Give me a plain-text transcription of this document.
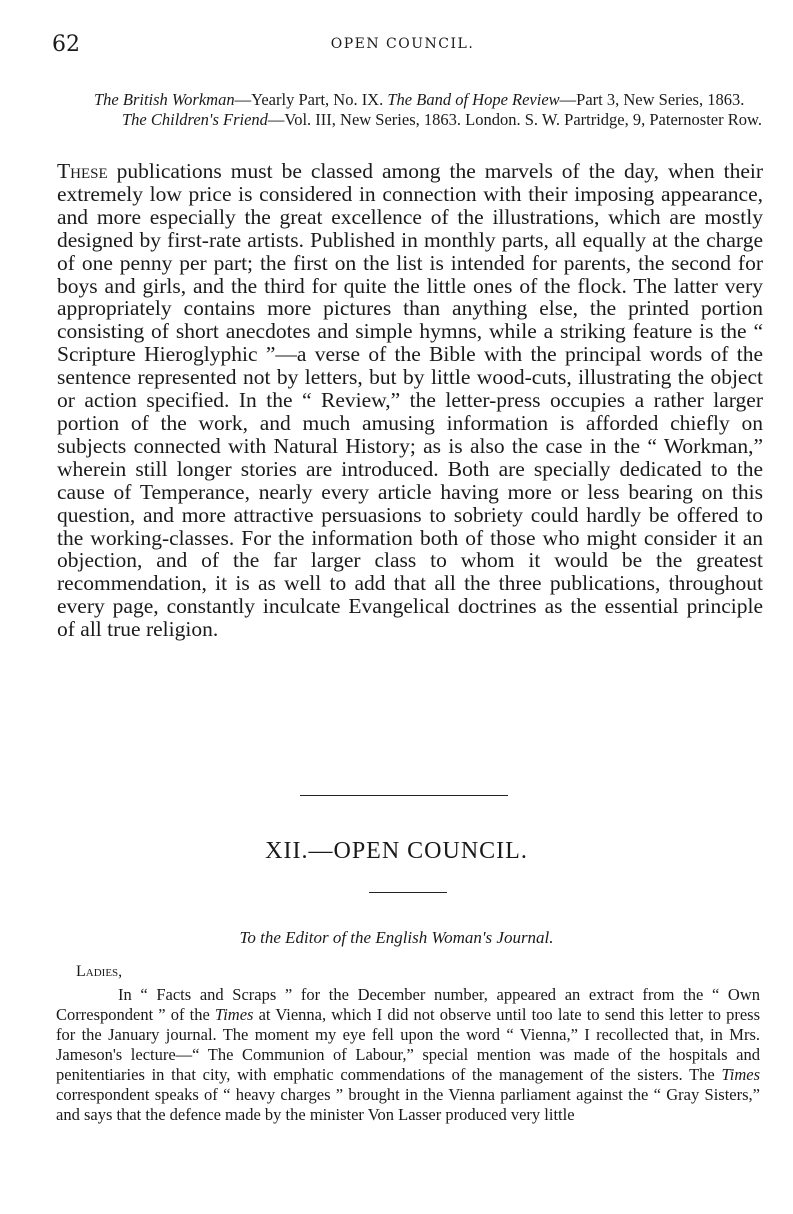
62	OPEN COUNCIL.
The British Workman—Yearly Part, No. IX. The Band of Hope Review—Part 3, New Series, 1863. The Children's Friend—Vol. III, New Series, 1863. London. S. W. Partridge, 9, Paternoster Row.
These publications must be classed among the marvels of the day, when their extremely low price is considered in connection with their imposing appearance, and more especially the great excellence of the illustrations, which are mostly designed by first-rate artists. Published in monthly parts, all equally at the charge of one penny per part; the first on the list is intended for parents, the second for boys and girls, and the third for quite the little ones of the flock. The latter very appropriately contains more pictures than anything else, the printed portion consisting of short anecdotes and simple hymns, while a striking feature is the “ Scripture Hieroglyphic ”—a verse of the Bible with the principal words of the sentence represented not by letters, but by little wood-cuts, illustrating the object or action specified. In the “ Review,” the letter-press occupies a rather larger portion of the work, and much amusing information is afforded chiefly on subjects connected with Natural History; as is also the case in the “ Workman,” wherein still longer stories are introduced. Both are specially dedicated to the cause of Temperance, nearly every article having more or less bearing on this question, and more attractive persuasions to sobriety could hardly be offered to the working-classes. For the information both of those who might consider it an objection, and of the far larger class to whom it would be the greatest recommendation, it is as well to add that all the three publications, throughout every page, constantly inculcate Evangelical doctrines as the essential principle of all true religion.
XII.—OPEN COUNCIL.
To the Editor of the English Woman's Journal.
Ladies,
In “ Facts and Scraps ” for the December number, appeared an extract from the “ Own Correspondent ” of the Times at Vienna, which I did not observe until too late to send this letter to press for the January journal. The moment my eye fell upon the word “ Vienna,” I recollected that, in Mrs. Jameson's lecture—“ The Communion of Labour,” special mention was made of the hospitals and penitentiaries in that city, with emphatic commendations of the management of the sisters. The Times correspondent speaks of “ heavy charges ” brought in the Vienna parliament against the “ Gray Sisters,” and says that the defence made by the minister Von Lasser produced very little
